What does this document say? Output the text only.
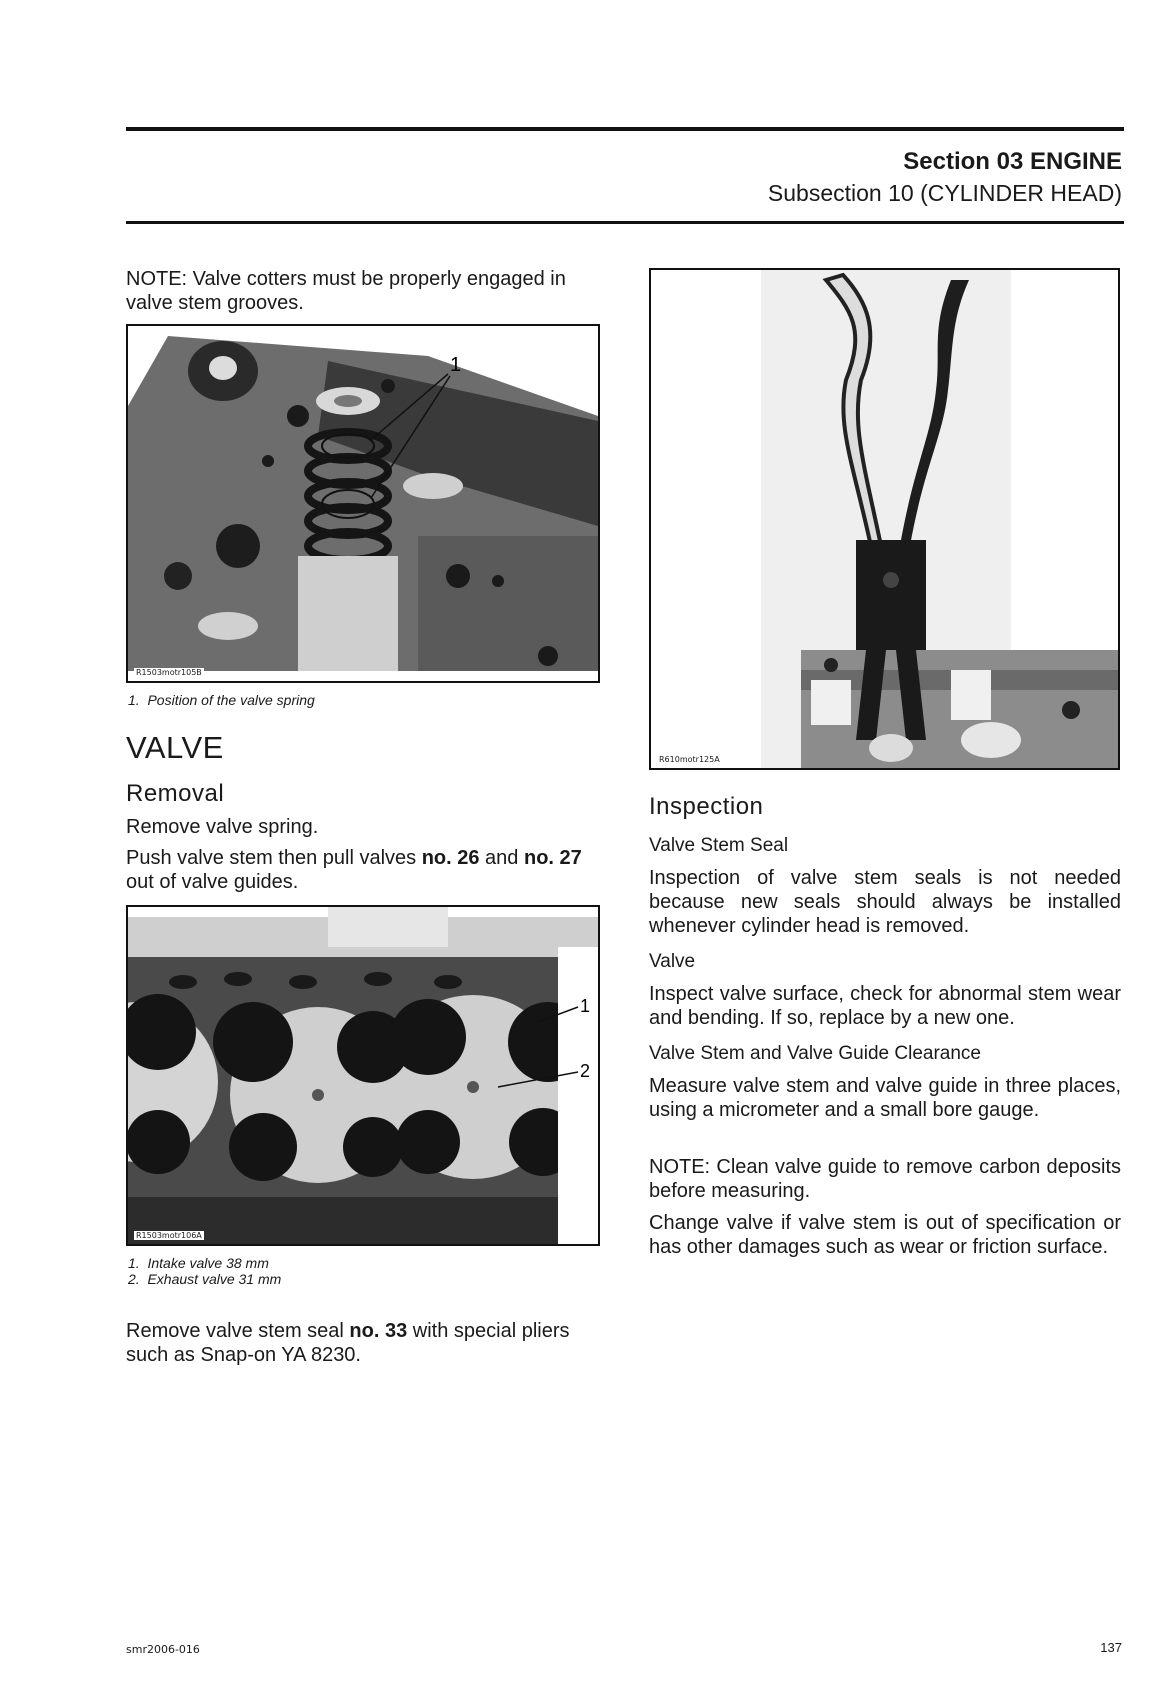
Section 03 ENGINE
Subsection 10 (CYLINDER HEAD)
NOTE: Valve cotters must be properly engaged in valve stem grooves.
1
R1503motr105B
1. Position of the valve spring
VALVE
Removal
Remove valve spring.
Push valve stem then pull valves no. 26 and no. 27 out of valve guides.
1
2
R1503motr106A
1. Intake valve 38 mm
2. Exhaust valve 31 mm
Remove valve stem seal no. 33 with special pliers such as Snap-on YA 8230.
R610motr125A
Inspection
Valve Stem Seal
Inspection of valve stem seals is not needed because new seals should always be installed whenever cylinder head is removed.
Valve
Inspect valve surface, check for abnormal stem wear and bending. If so, replace by a new one.
Valve Stem and Valve Guide Clearance
Measure valve stem and valve guide in three places, using a micrometer and a small bore gauge.
NOTE: Clean valve guide to remove carbon deposits before measuring.
Change valve if valve stem is out of specification or has other damages such as wear or friction surface.
smr2006-016	137
